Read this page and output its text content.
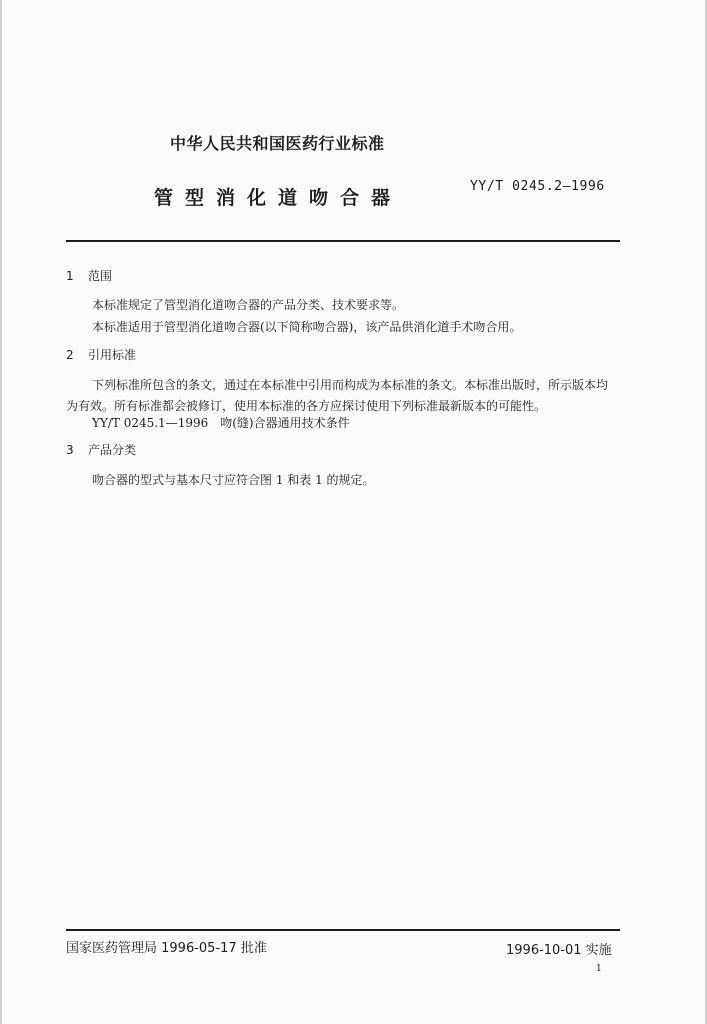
中华人民共和国医药行业标准
管型消化道吻合器
YY/T 0245.2—1996
1 范围
本标准规定了管型消化道吻合器的产品分类、技术要求等。
本标准适用于管型消化道吻合器(以下简称吻合器)，该产品供消化道手术吻合用。
2 引用标准
下列标准所包含的条文，通过在本标准中引用而构成为本标准的条文。本标准出版时，所示版本均
为有效。所有标准都会被修订，使用本标准的各方应探讨使用下列标准最新版本的可能性。
YY/T 0245.1—1996　吻(缝)合器通用技术条件
3 产品分类
吻合器的型式与基本尺寸应符合图 1 和表 1 的规定。
国家医药管理局 1996-05-17 批准	1996-10-01 实施
1
